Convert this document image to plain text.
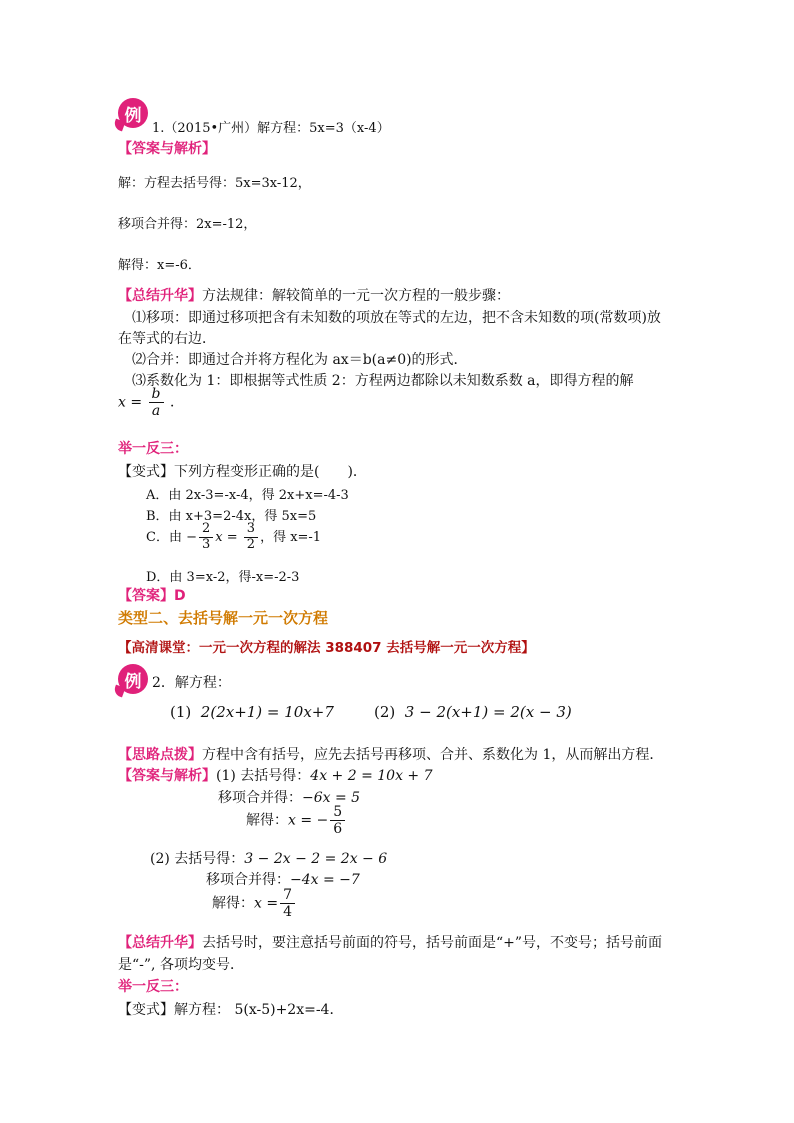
例
1.（2015•广州）解方程：5x=3（x-4）
【答案与解析】
解：方程去括号得：5x=3x-12，
移项合并得：2x=-12，
解得：x=-6．
【总结升华】方法规律：解较简单的一元一次方程的一般步骤：
⑴移项：即通过移项把含有未知数的项放在等式的左边，把不含未知数的项(常数项)放
在等式的右边．
⑵合并：即通过合并将方程化为 ax＝b(a≠0)的形式．
⑶系数化为 1：即根据等式性质 2：方程两边都除以未知数系数 a，即得方程的解
$x = \frac{b}{a}$ ．
举一反三：
【变式】下列方程变形正确的是(　　)．
A．由 2x-3=-x-4，得 2x+x=-4-3
B．由 x+3=2-4x，得 5x=5
C．由 − $\frac{2}{3}$ $x = \frac{3}{2}$ ，得 x=-1
D．由 3=x-2，得-x=-2-3
【答案】D
类型二、去括号解一元一次方程
【高清课堂：一元一次方程的解法 388407 去括号解一元一次方程】
例 2．解方程：
(1) 2(2x+1) = 10x+7	(2) 3 − 2(x+1) = 2(x − 3)
【思路点拨】方程中含有括号，应先去括号再移项、合并、系数化为 1，从而解出方程．
【答案与解析】(1) 去括号得：4x + 2 = 10x + 7
移项合并得：−6x = 5
解得：x = − $\frac{5}{6}$
(2) 去括号得：3 − 2x − 2 = 2x − 6
移项合并得：−4x = −7
解得：$x = \frac{7}{4}$
【总结升华】去括号时，要注意括号前面的符号，括号前面是“+”号，不变号；括号前面
是“-”, 各项均变号．
举一反三：
【变式】解方程： 5(x-5)+2x=-4．
